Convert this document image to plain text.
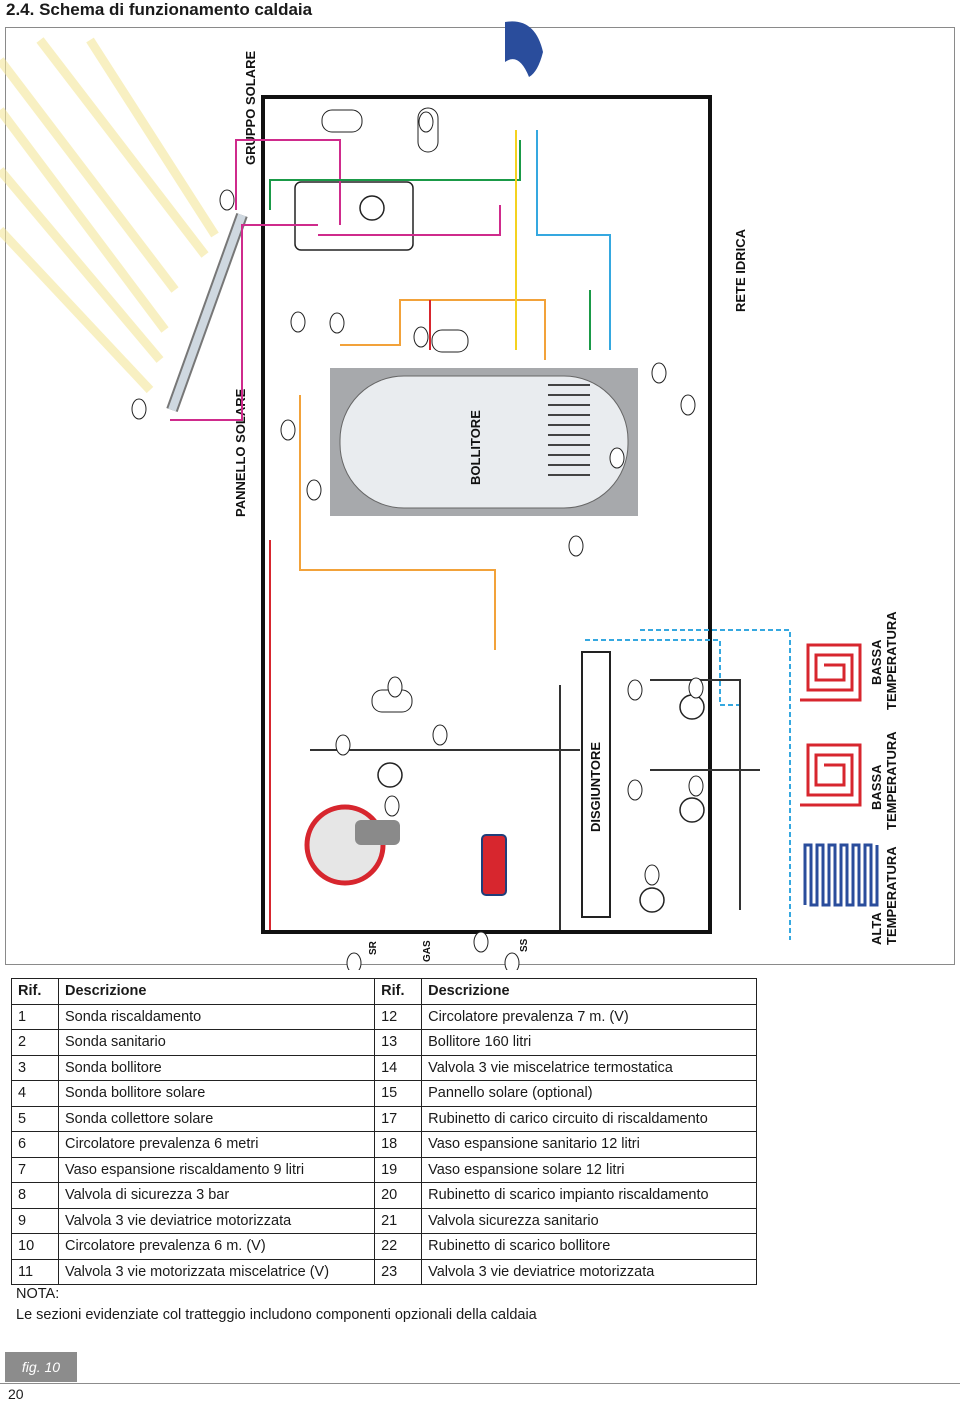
2.4. Schema di funzionamento caldaia
BOLLITORE
PANNELLO SOLARE
GRUPPO SOLARE
RETE IDRICA
DISGIUNTORE
ALTA TEMPERATURA
BASSA TEMPERATURA
BASSA TEMPERATURA
SR	GAS	SS
Rif.	Descrizione	Rif.	Descrizione
1	Sonda riscaldamento	12	Circolatore prevalenza 7 m. (V)
2	Sonda sanitario	13	Bollitore 160 litri
3	Sonda bollitore	14	Valvola 3 vie miscelatrice termostatica
4	Sonda bollitore solare	15	Pannello solare (optional)
5	Sonda collettore solare	17	Rubinetto di carico circuito di riscaldamento
6	Circolatore prevalenza 6 metri	18	Vaso espansione sanitario 12 litri
7	Vaso espansione riscaldamento 9 litri	19	Vaso espansione solare 12 litri
8	Valvola di sicurezza 3 bar	20	Rubinetto di scarico impianto riscaldamento
9	Valvola 3 vie deviatrice motorizzata	21	Valvola sicurezza sanitario
10	Circolatore prevalenza 6 m. (V)	22	Rubinetto di scarico bollitore
11	Valvola 3 vie motorizzata miscelatrice (V)	23	Valvola 3 vie deviatrice motorizzata
NOTA:
Le sezioni evidenziate col tratteggio includono componenti opzionali della caldaia
fig. 10
20
